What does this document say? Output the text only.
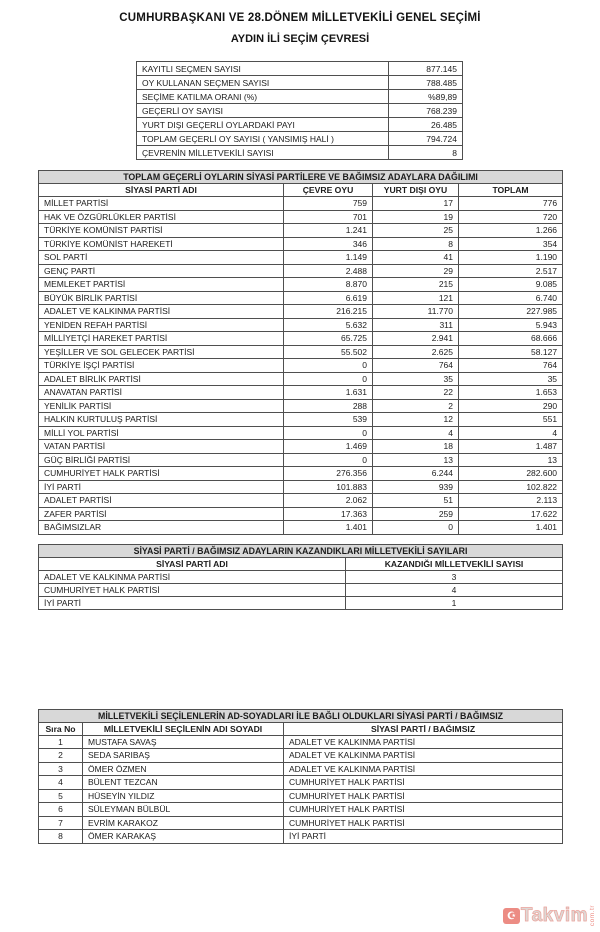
CUMHURBAŞKANI VE 28.DÖNEM MİLLETVEKİLİ GENEL SEÇİMİ
AYDIN İLİ SEÇİM ÇEVRESİ
KAYITLI SEÇMEN SAYISI	877.145
OY KULLANAN SEÇMEN SAYISI	788.485
SEÇİME KATILMA ORANI (%)	%89,89
GEÇERLİ OY SAYISI	768.239
YURT DIŞI GEÇERLİ OYLARDAKİ PAYI	26.485
TOPLAM GEÇERLİ OY SAYISI ( YANSIMIŞ HALİ )	794.724
ÇEVRENİN MİLLETVEKİLİ SAYISI	8
TOPLAM GEÇERLİ OYLARIN SİYASİ PARTİLERE VE BAĞIMSIZ ADAYLARA DAĞILIMI			
SİYASİ PARTİ ADI	ÇEVRE OYU	YURT DIŞI OYU	TOPLAM
MİLLET PARTİSİ	759	17	776
HAK VE ÖZGÜRLÜKLER PARTİSİ	701	19	720
TÜRKİYE KOMÜNİST PARTİSİ	1.241	25	1.266
TÜRKİYE KOMÜNİST HAREKETİ	346	8	354
SOL PARTİ	1.149	41	1.190
GENÇ PARTİ	2.488	29	2.517
MEMLEKET PARTİSİ	8.870	215	9.085
BÜYÜK BİRLİK PARTİSİ	6.619	121	6.740
ADALET VE KALKINMA PARTİSİ	216.215	11.770	227.985
YENİDEN REFAH PARTİSİ	5.632	311	5.943
MİLLİYETÇİ HAREKET PARTİSİ	65.725	2.941	68.666
YEŞİLLER VE SOL GELECEK PARTİSİ	55.502	2.625	58.127
TÜRKİYE İŞÇİ PARTİSİ	0	764	764
ADALET BİRLİK PARTİSİ	0	35	35
ANAVATAN PARTİSİ	1.631	22	1.653
YENİLİK PARTİSİ	288	2	290
HALKIN KURTULUŞ PARTİSİ	539	12	551
MİLLİ YOL PARTİSİ	0	4	4
VATAN PARTİSİ	1.469	18	1.487
GÜÇ BİRLİĞİ PARTİSİ	0	13	13
CUMHURİYET HALK PARTİSİ	276.356	6.244	282.600
İYİ PARTİ	101.883	939	102.822
ADALET PARTİSİ	2.062	51	2.113
ZAFER PARTİSİ	17.363	259	17.622
BAĞIMSIZLAR	1.401	0	1.401
SİYASİ PARTİ / BAĞIMSIZ ADAYLARIN KAZANDIKLARI MİLLETVEKİLİ SAYILARI	
SİYASİ PARTİ ADI	KAZANDIĞI MİLLETVEKİLİ SAYISI
ADALET VE KALKINMA PARTİSİ	3
CUMHURİYET HALK PARTİSİ	4
İYİ PARTİ	1
MİLLETVEKİLİ SEÇİLENLERİN AD-SOYADLARI İLE BAĞLI OLDUKLARI SİYASİ PARTİ / BAĞIMSIZ		
Sıra No	MİLLETVEKİLİ SEÇİLENİN ADI SOYADI	SİYASİ PARTİ / BAĞIMSIZ
1	MUSTAFA SAVAŞ	ADALET VE KALKINMA PARTİSİ
2	SEDA SARIBAŞ	ADALET VE KALKINMA PARTİSİ
3	ÖMER ÖZMEN	ADALET VE KALKINMA PARTİSİ
4	BÜLENT TEZCAN	CUMHURİYET HALK PARTİSİ
5	HÜSEYİN YILDIZ	CUMHURİYET HALK PARTİSİ
6	SÜLEYMAN BÜLBÜL	CUMHURİYET HALK PARTİSİ
7	EVRİM KARAKOZ	CUMHURİYET HALK PARTİSİ
8	ÖMER KARAKAŞ	İYİ PARTİ
☪ Takvim com.tr
